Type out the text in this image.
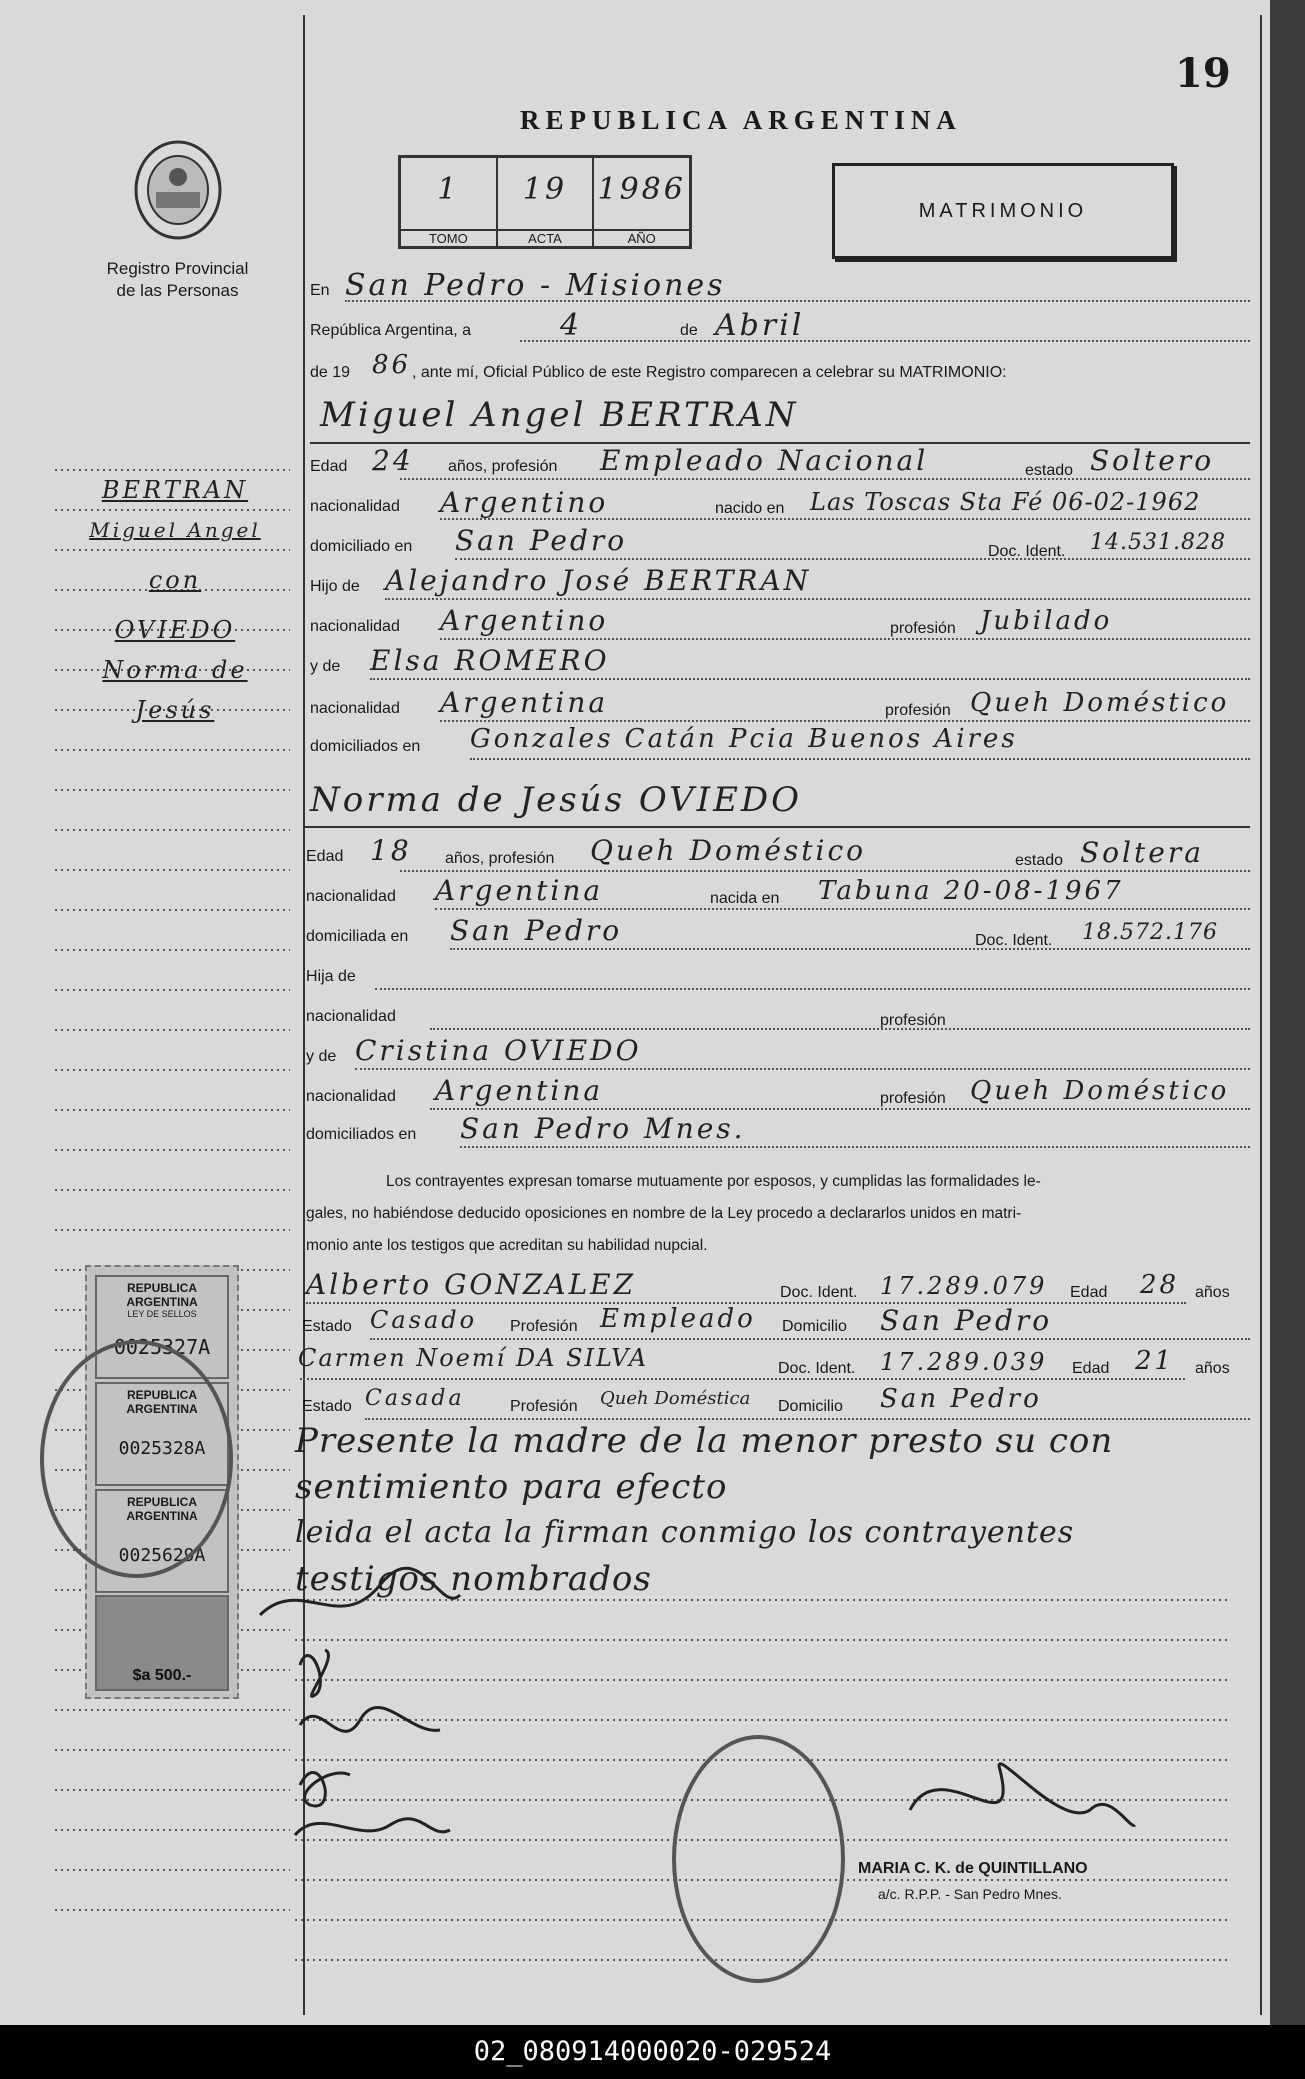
19
Registro Provincial
de las Personas
REPUBLICA ARGENTINA
1
TOMO
19
ACTA
1986
AÑO
MATRIMONIO
BERTRAN
Miguel Angel
con
OVIEDO
Norma de
Jesús
En San Pedro - Misiones
República Argentina, a	4	de Abril
de 19 86 , ante mí, Oficial Público de este Registro comparecen a celebrar su MATRIMONIO:
Miguel Angel BERTRAN
Edad 24 años, profesión Empleado Nacional	estado Soltero
nacionalidad Argentino	nacido en Las Toscas Sta Fé 06-02-1962
domiciliado en San Pedro	Doc. Ident. 14.531.828
Hijo de Alejandro José BERTRAN
nacionalidad Argentino	profesión Jubilado
y de Elsa ROMERO
nacionalidad Argentina	profesión Queh Doméstico
domiciliados en Gonzales Catán Pcia Buenos Aires
Norma de Jesús OVIEDO
Edad 18 años, profesión Queh Doméstico	estado Soltera
nacionalidad Argentina	nacida en Tabuna 20-08-1967
domiciliada en San Pedro	Doc. Ident. 18.572.176
Hija de
nacionalidad	profesión
y de Cristina OVIEDO
nacionalidad Argentina	profesión Queh Doméstico
domiciliados en San Pedro Mnes.
Los contrayentes expresan tomarse mutuamente por esposos, y cumplidas las formalidades le-
gales, no habiéndose deducido oposiciones en nombre de la Ley procedo a declararlos unidos en matri-
monio ante los testigos que acreditan su habilidad nupcial.
Alberto GONZALEZ	Doc. Ident. 17.289.079 Edad 28 años
Estado Casado Profesión Empleado Domicilio San Pedro
Carmen Noemí DA SILVA	Doc. Ident. 17.289.039 Edad 21 años
Estado Casada	Profesión Queh Doméstica Domicilio San Pedro
Presente la madre de la menor presto su con
sentimiento para efecto
leida el acta la firman conmigo los contrayentes
testigos nombrados
REPUBLICA ARGENTINA
LEY DE SELLOS
0025327A
REPUBLICA ARGENTINA
0025328A
REPUBLICA ARGENTINA
0025629A
$a 500.-
MARIA C. K. de QUINTILLANO
a/c. R.P.P. - San Pedro Mnes.
02_080914000020-029524
